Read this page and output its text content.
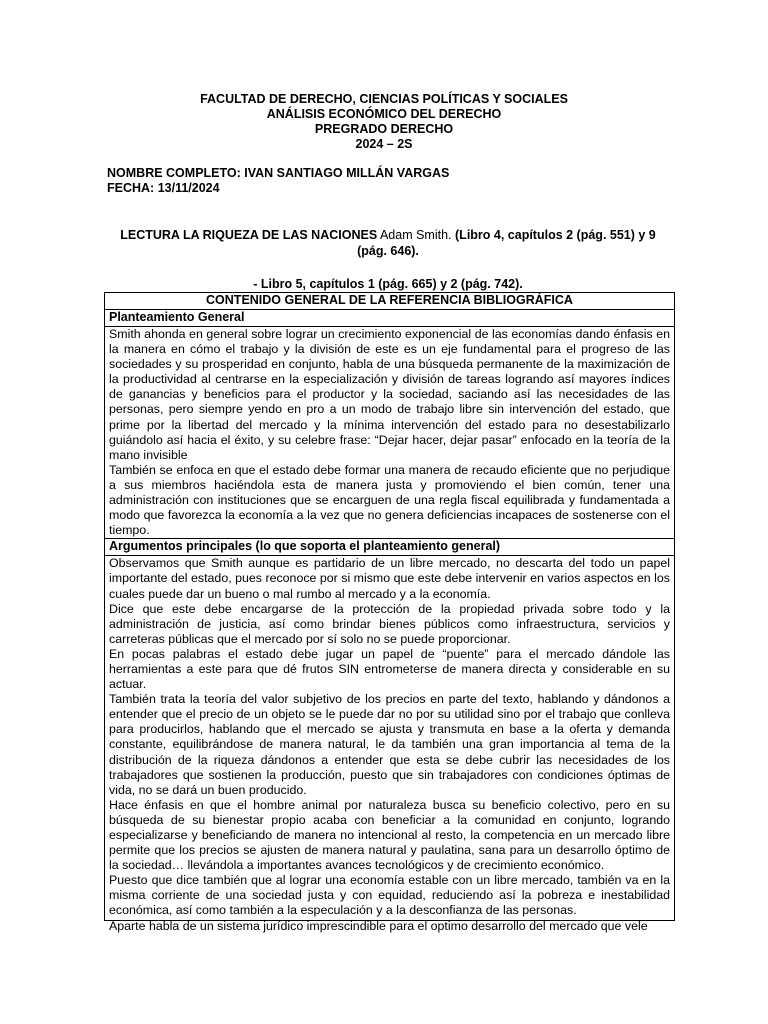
FACULTAD DE DERECHO, CIENCIAS POLÍTICAS Y SOCIALES
ANÁLISIS ECONÓMICO DEL DERECHO
PREGRADO DERECHO
2024 – 2S
NOMBRE COMPLETO: IVAN SANTIAGO MILLÁN VARGAS
FECHA: 13/11/2024
LECTURA LA RIQUEZA DE LAS NACIONES Adam Smith. (Libro 4, capítulos 2 (pág. 551) y 9 (pág. 646).
- Libro 5, capítulos 1 (pág. 665) y 2 (pág. 742).
CONTENIDO GENERAL DE LA REFERENCIA BIBLIOGRÁFICA
Planteamiento General

Smith ahonda en general sobre lograr un crecimiento exponencial de las economías dando énfasis en la manera en cómo el trabajo y la división de este es un eje fundamental para el progreso de las sociedades y su prosperidad en conjunto, habla de una búsqueda permanente de la maximización de la productividad al centrarse en la especialización y división de tareas logrando así mayores índices de ganancias y beneficios para el productor y la sociedad, saciando así las necesidades de las personas, pero siempre yendo en pro a un modo de trabajo libre sin intervención del estado, que prime por la libertad del mercado y la mínima intervención del estado para no desestabilizarlo guiándolo así hacia el éxito, y su celebre frase: “Dejar hacer, dejar pasar” enfocado en la teoría de la mano invisible

También se enfoca en que el estado debe formar una manera de recaudo eficiente que no perjudique a sus miembros haciéndola esta de manera justa y promoviendo el bien común, tener una administración con instituciones que se encarguen de una regla fiscal equilibrada y fundamentada a modo que favorezca la economía a la vez que no genera deficiencias incapaces de sostenerse con el tiempo.

Argumentos principales (lo que soporta el planteamiento general)

Observamos que Smith aunque es partidario de un libre mercado, no descarta del todo un papel importante del estado, pues reconoce por si mismo que este debe intervenir en varios aspectos en los cuales puede dar un bueno o mal rumbo al mercado y a la economía.

Dice que este debe encargarse de la protección de la propiedad privada sobre todo y la administración de justicia, así como brindar bienes públicos como infraestructura, servicios y carreteras públicas que el mercado por sí solo no se puede proporcionar.

En pocas palabras el estado debe jugar un papel de “puente” para el mercado dándole las herramientas a este para que dé frutos SIN entrometerse de manera directa y considerable en su actuar.

También trata la teoría del valor subjetivo de los precios en parte del texto, hablando y dándonos a entender que el precio de un objeto se le puede dar no por su utilidad sino por el trabajo que conlleva para producirlos, hablando que el mercado se ajusta y transmuta en base a la oferta y demanda constante, equilibrándose de manera natural, le da también una gran importancia al tema de la distribución de la riqueza dándonos a entender que esta se debe cubrir las necesidades de los trabajadores que sostienen la producción, puesto que sin trabajadores con condiciones óptimas de vida, no se dará un buen producido.

Hace énfasis en que el hombre animal por naturaleza busca su beneficio colectivo, pero en su búsqueda de su bienestar propio acaba con beneficiar a la comunidad en conjunto, logrando especializarse y beneficiando de manera no intencional al resto, la competencia en un mercado libre permite que los precios se ajusten de manera natural y paulatina, sana para un desarrollo óptimo de la sociedad… llevándola a importantes avances tecnológicos y de crecimiento económico.

Puesto que dice también que al lograr una economía estable con un libre mercado, también va en la misma corriente de una sociedad justa y con equidad, reduciendo así la pobreza e inestabilidad económica, así como también a la especulación y a la desconfianza de las personas.

Aparte habla de un sistema jurídico imprescindible para el optimo desarrollo del mercado que vele
